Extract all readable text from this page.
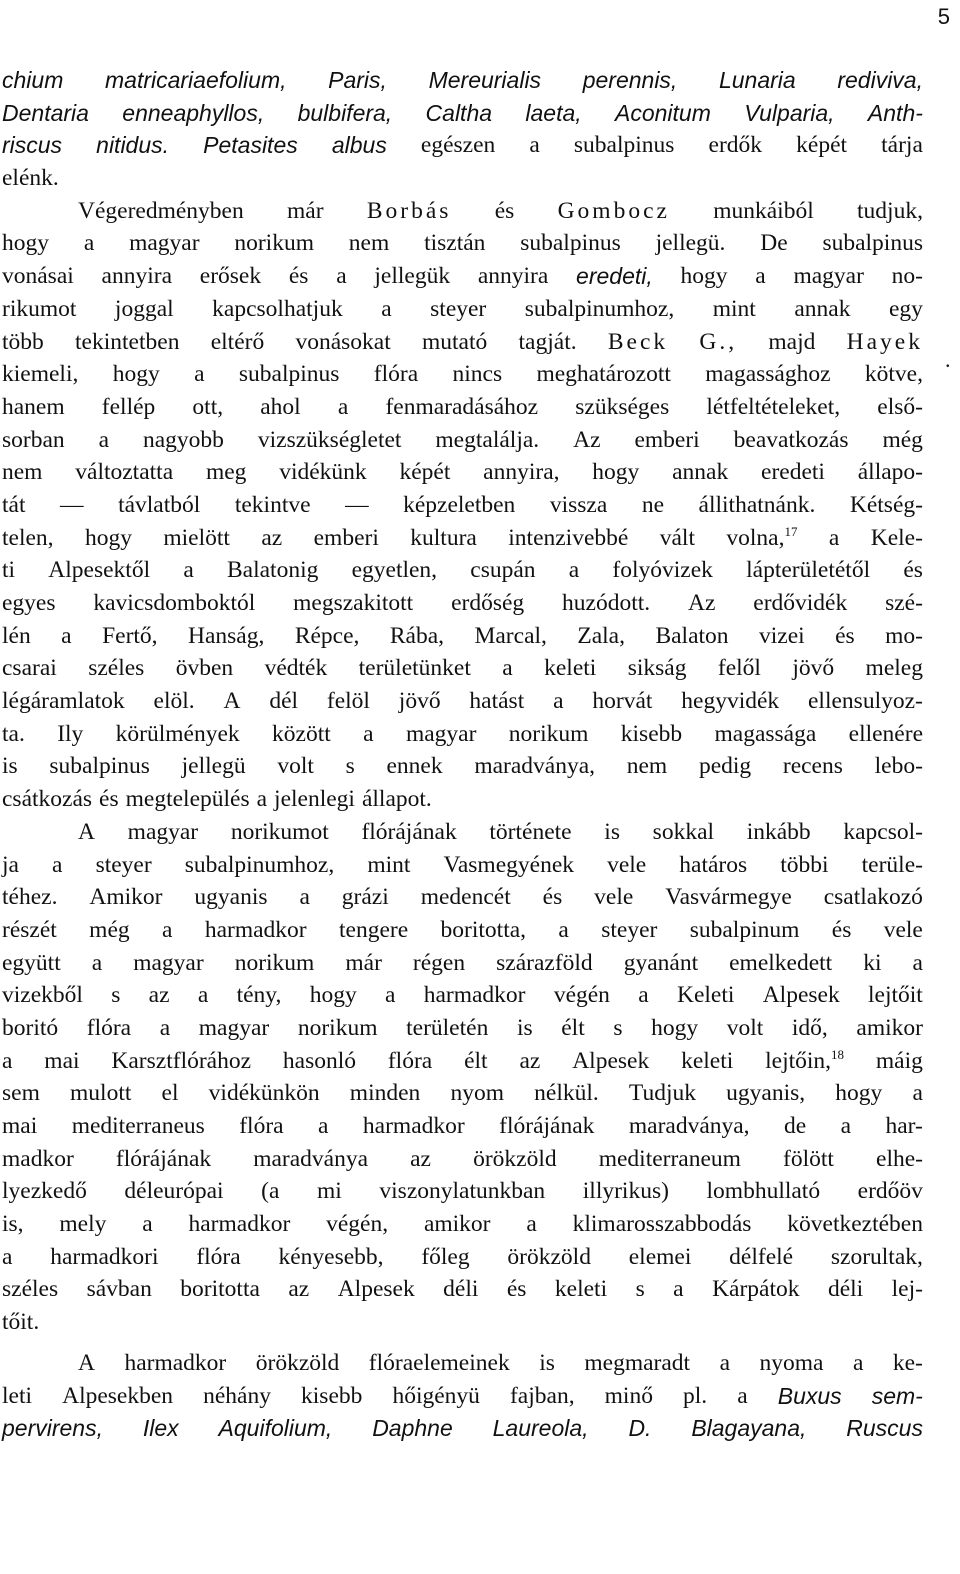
5
.
chium matricariaefolium, Paris, Mereurialis perennis, Lunaria rediviva,
Dentaria enneaphyllos, bulbifera, Caltha laeta, Aconitum Vulparia, Anth-
riscus nitidus. Petasites albus egészen a subalpinus erdők képét tárja
elénk.
Végeredményben már Borbás és Gombocz munkáiból tudjuk,
hogy a magyar norikum nem tisztán subalpinus jellegü. De subalpinus
vonásai annyira erősek és a jellegük annyira eredeti, hogy a magyar no-
rikumot joggal kapcsolhatjuk a steyer subalpinumhoz, mint annak egy
több tekintetben eltérő vonásokat mutató tagját. Beck G., majd Hayek
kiemeli, hogy a subalpinus flóra nincs meghatározott magassághoz kötve,
hanem fellép ott, ahol a fenmaradásához szükséges létfeltételeket, első-
sorban a nagyobb vizszükségletet megtalálja. Az emberi beavatkozás még
nem változtatta meg vidékünk képét annyira, hogy annak eredeti állapo-
tát — távlatból tekintve — képzeletben vissza ne állithatnánk. Kétség-
telen, hogy mielött az emberi kultura intenzivebbé vált volna,$^{17}$ a Kele-
ti Alpesektől a Balatonig egyetlen, csupán a folyóvizek lápterületétől és
egyes kavicsdomboktól megszakitott erdőség huzódott. Az erdővidék szé-
lén a Fertő, Hanság, Répce, Rába, Marcal, Zala, Balaton vizei és mo-
csarai széles övben védték területünket a keleti sikság felől jövő meleg
légáramlatok elöl. A dél felöl jövő hatást a horvát hegyvidék ellensulyoz-
ta. Ily körülmények között a magyar norikum kisebb magassága ellenére
is subalpinus jellegü volt s ennek maradványa, nem pedig recens lebo-
csátkozás és megtelepülés a jelenlegi állapot.
A magyar norikumot flórájának története is sokkal inkább kapcsol-
ja a steyer subalpinumhoz, mint Vasmegyének vele határos többi terüle-
téhez. Amikor ugyanis a grázi medencét és vele Vasvármegye csatlakozó
részét még a harmadkor tengere boritotta, a steyer subalpinum és vele
együtt a magyar norikum már régen szárazföld gyanánt emelkedett ki a
vizekből s az a tény, hogy a harmadkor végén a Keleti Alpesek lejtőit
boritó flóra a magyar norikum területén is élt s hogy volt idő, amikor
a mai Karsztflórához hasonló flóra élt az Alpesek keleti lejtőin,$^{18}$ máig
sem mulott el vidékünkön minden nyom nélkül. Tudjuk ugyanis, hogy a
mai mediterraneus flóra a harmadkor flórájának maradványa, de a har-
madkor flórájának maradványa az örökzöld mediterraneum fölött elhe-
lyezkedő déleurópai (a mi viszonylatunkban illyrikus) lombhullató erdőöv
is, mely a harmadkor végén, amikor a klimarosszabbodás következtében
a harmadkori flóra kényesebb, főleg örökzöld elemei délfelé szorultak,
széles sávban boritotta az Alpesek déli és keleti s a Kárpátok déli lej-
tőit.
A harmadkor örökzöld flóraelemeinek is megmaradt a nyoma a ke-
leti Alpesekben néhány kisebb hőigényü fajban, minő pl. a Buxus sem-
pervirens, Ilex Aquifolium, Daphne Laureola, D. Blagayana, Ruscus
